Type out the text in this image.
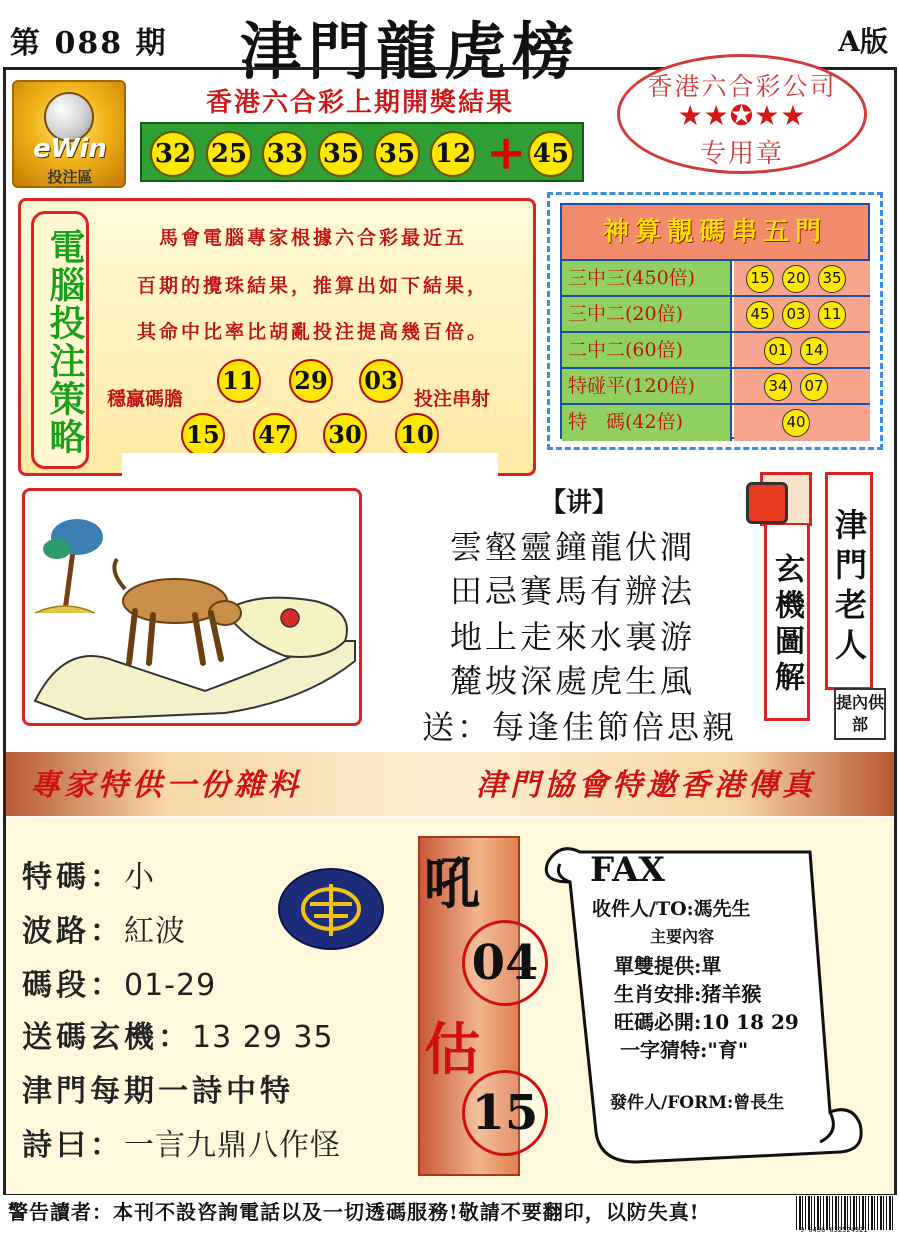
第 088 期 津門龍虎榜	A版
香港六合彩公司
★★✪★★
专用章
eWin
投注區
香港六合彩上期開獎結果
32 25 33 35 35 12 + 45
電腦投注策略	馬會電腦專家根據六合彩最近五
百期的攪珠結果，推算出如下結果，
其命中比率比胡亂投注提高幾百倍。
穩贏碼膽	投注串射
11 29 03
15 47 30 10
神算靚碼串五門
三中三(450倍)	15 20 35
三中二(20倍)	45 03 11
二中二(60倍)	01 14
特碰平(120倍)	34 07
特　碼(42倍)	40
【讲】
雲壑靈鐘龍伏澗
田忌賽馬有辦法
地上走來水裏游
麓坡深處虎生風
送：每逢佳節倍思親
玄機圖解 津門老人
提內供部
專家特供一份雜料	津門協會特邀香港傳真
特碼：小
波路：紅波
碼段：01-29
送碼玄機：13 29 35
津門每期一詩中特
詩曰：一言九鼎八作怪
吼
04
估
15
FAX
收件人/TO:馮先生
主要內容
單雙提供:單
生肖安排:猪羊猴
旺碼必開:10 18 29
一字猜特:"育"
發件人/FORM:曾長生
警告讀者：本刊不設咨詢電話以及一切透碼服務!敬請不要翻印，以防失真!
9 0456 032524921
